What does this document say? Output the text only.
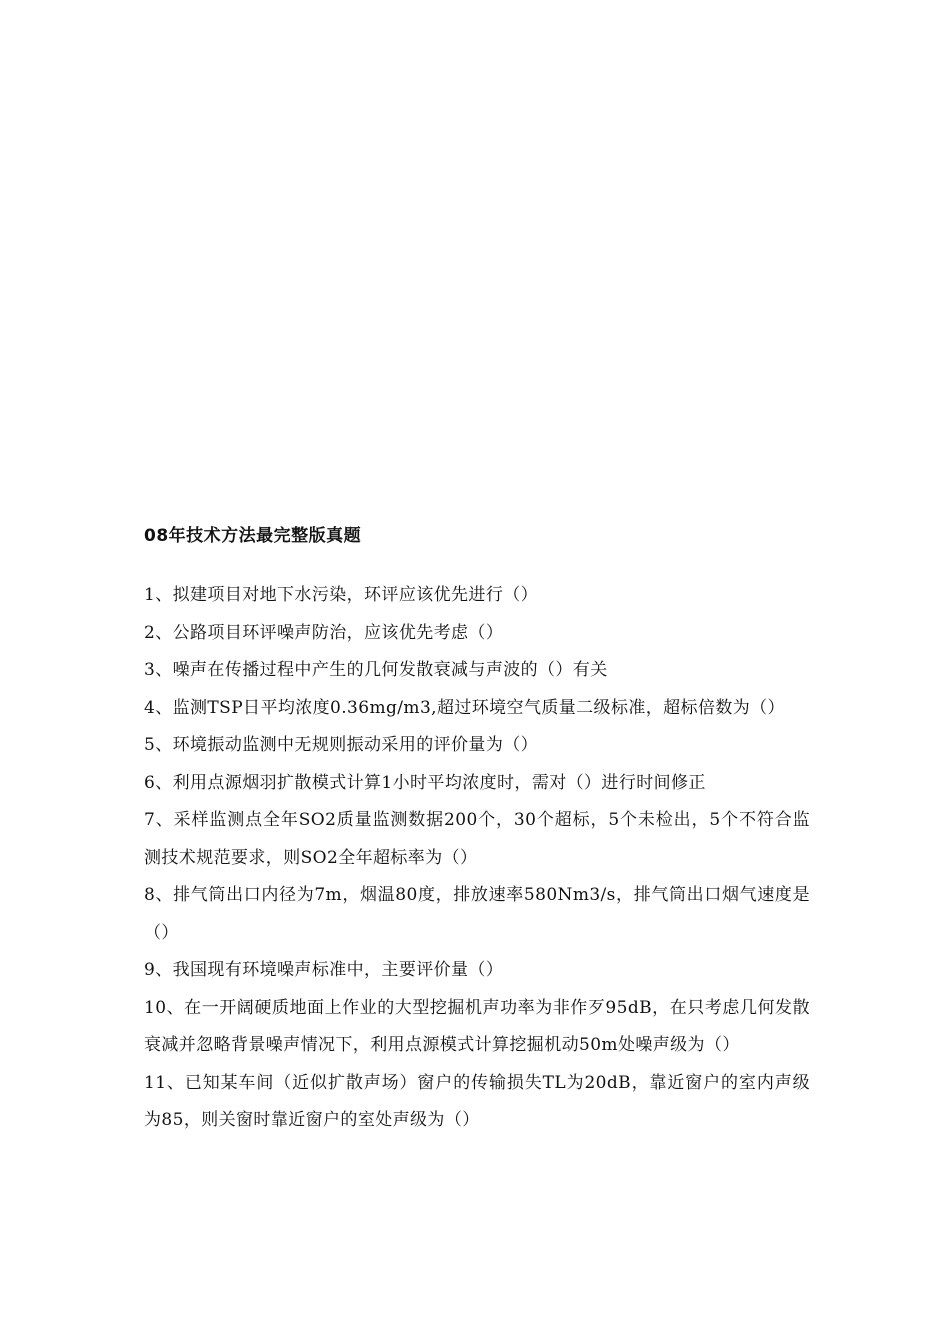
08年技术方法最完整版真题
1、拟建项目对地下水污染，环评应该优先进行（）
2、公路项目环评噪声防治，应该优先考虑（）
3、噪声在传播过程中产生的几何发散衰减与声波的（）有关
4、监测TSP日平均浓度0.36mg/m3,超过环境空气质量二级标准，超标倍数为（）
5、环境振动监测中无规则振动采用的评价量为（）
6、利用点源烟羽扩散模式计算1小时平均浓度时，需对（）进行时间修正
7、采样监测点全年SO2质量监测数据200个，30个超标，5个未检出，5个不符合监测技术规范要求，则SO2全年超标率为（）
8、排气筒出口内径为7m，烟温80度，排放速率580Nm3/s，排气筒出口烟气速度是（）
9、我国现有环境噪声标准中，主要评价量（）
10、在一开阔硬质地面上作业的大型挖掘机声功率为非作歹95dB，在只考虑几何发散衰减并忽略背景噪声情况下，利用点源模式计算挖掘机动50m处噪声级为（）
11、已知某车间（近似扩散声场）窗户的传输损失TL为20dB，靠近窗户的室内声级为85，则关窗时靠近窗户的室处声级为（）
